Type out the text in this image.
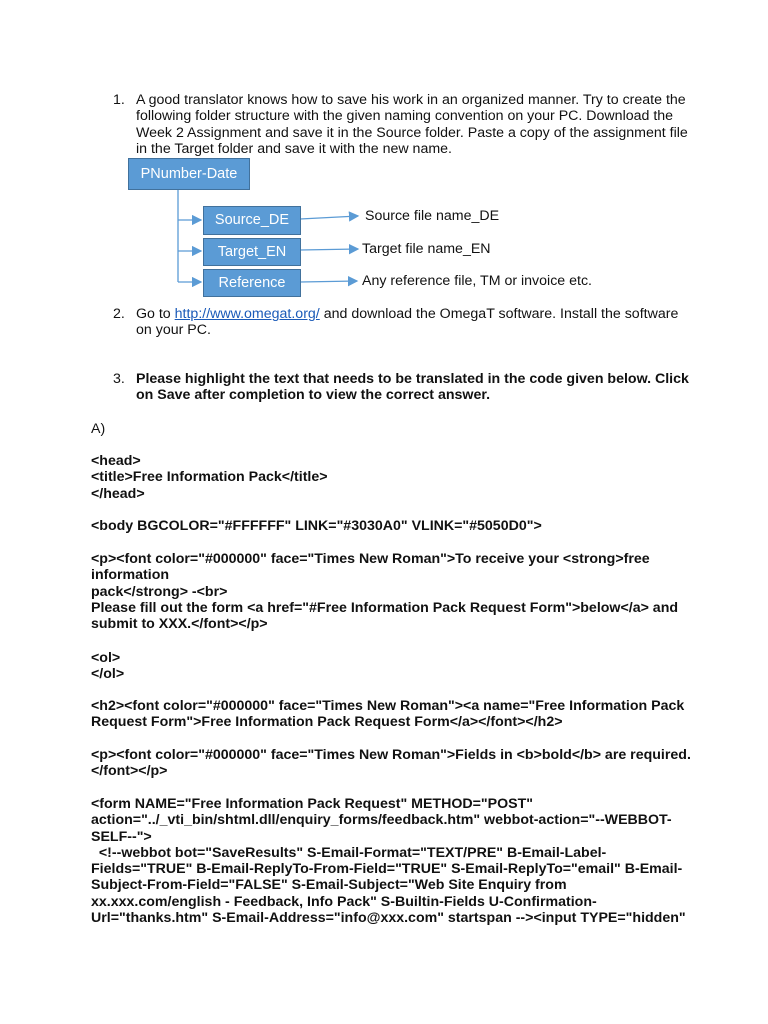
1. A good translator knows how to save his work in an organized manner. Try to create the
following folder structure with the given naming convention on your PC. Download the
Week 2 Assignment and save it in the Source folder. Paste a copy of the assignment file
in the Target folder and save it with the new name.
PNumber-Date
Source_DE
Target_EN
Reference
Source file name_DE
Target file name_EN
Any reference file, TM or invoice etc.
2. Go to http://www.omegat.org/ and download the OmegaT software. Install the software
on your PC.
3. Please highlight the text that needs to be translated in the code given below. Click
on Save after completion to view the correct answer.
A)
<head>
<title>Free Information Pack</title>
</head>
<body BGCOLOR="#FFFFFF" LINK="#3030A0" VLINK="#5050D0">
<p><font color="#000000" face="Times New Roman">To receive your <strong>free
information
pack</strong> -<br>
Please fill out the form <a href="#Free Information Pack Request Form">below</a> and
submit to XXX.</font></p>
<ol>
</ol>
<h2><font color="#000000" face="Times New Roman"><a name="Free Information Pack
Request Form">Free Information Pack Request Form</a></font></h2>
<p><font color="#000000" face="Times New Roman">Fields in <b>bold</b> are required.
</font></p>
<form NAME="Free Information Pack Request" METHOD="POST"
action="../_vti_bin/shtml.dll/enquiry_forms/feedback.htm" webbot-action="--WEBBOT-
SELF--">
<!--webbot bot="SaveResults" S-Email-Format="TEXT/PRE" B-Email-Label-
Fields="TRUE" B-Email-ReplyTo-From-Field="TRUE" S-Email-ReplyTo="email" B-Email-
Subject-From-Field="FALSE" S-Email-Subject="Web Site Enquiry from
xx.xxx.com/english - Feedback, Info Pack" S-Builtin-Fields U-Confirmation-
Url="thanks.htm" S-Email-Address="info@xxx.com" startspan --><input TYPE="hidden"
